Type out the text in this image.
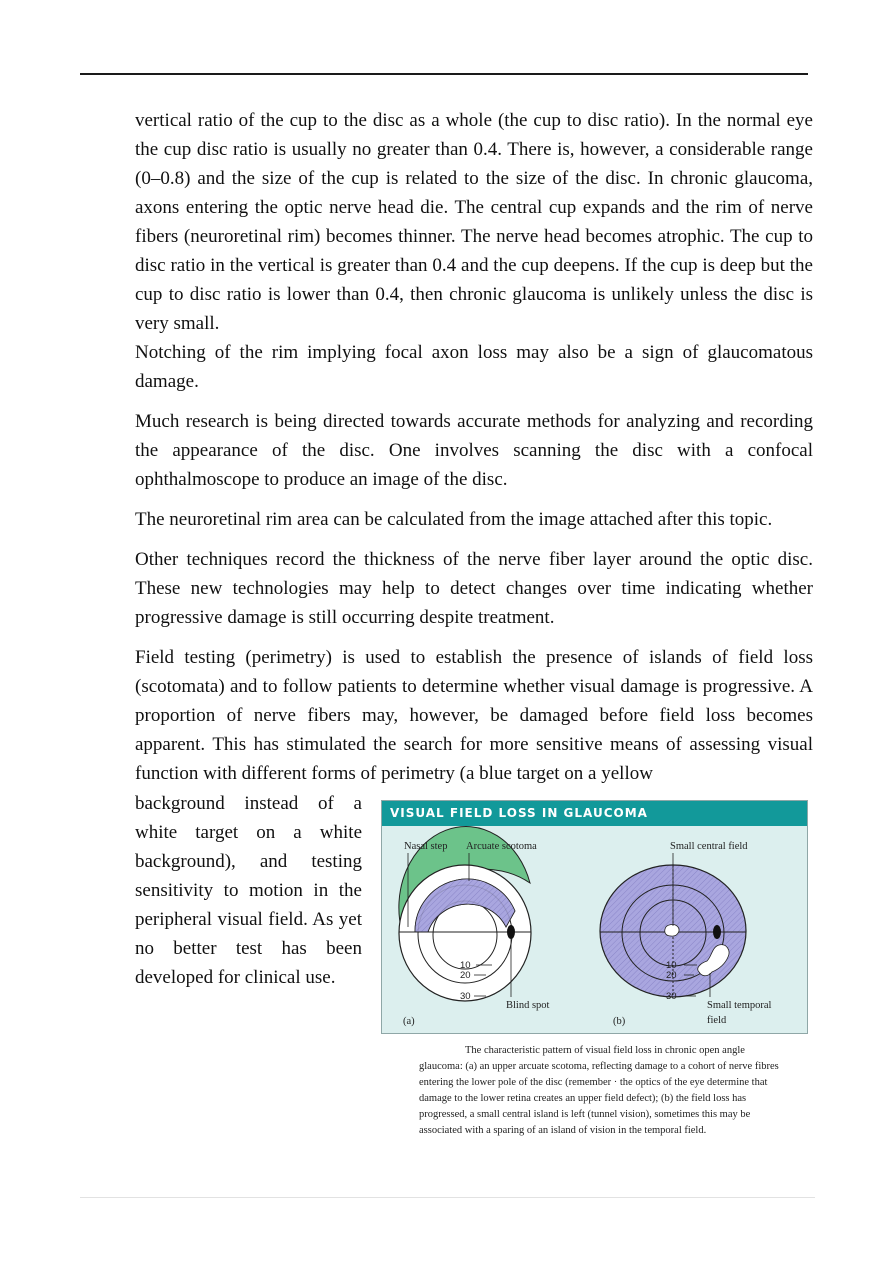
vertical ratio of the cup to the disc as a whole (the cup to disc ratio). In the normal eye the cup disc ratio is usually no greater than 0.4. There is, however, a considerable range (0–0.8) and the size of the cup is related to the size of the disc. In chronic glaucoma, axons entering the optic nerve head die. The central cup expands and the rim of nerve fibers (neuroretinal rim) becomes thinner. The nerve head becomes atrophic. The cup to disc ratio in the vertical is greater than 0.4 and the cup deepens. If the cup is deep but the cup to disc ratio is lower than 0.4, then chronic glaucoma is unlikely unless the disc is very small.

Notching of the rim implying focal axon loss may also be a sign of glaucomatous damage.

Much research is being directed towards accurate methods for analyzing and recording the appearance of the disc. One involves scanning the disc with a confocal ophthalmoscope to produce an image of the disc.

The neuroretinal rim area can be calculated from the image attached after this topic.

Other techniques record the thickness of the nerve fiber layer around the optic disc. These new technologies may help to detect changes over time indicating whether progressive damage is still occurring despite treatment.

Field testing (perimetry) is used to establish the presence of islands of field loss (scotomata) and to follow patients to determine whether visual damage is progressive. A proportion of nerve fibers may, however, be damaged before field loss becomes apparent. This has stimulated the search for more sensitive means of assessing visual function with different forms of perimetry (a blue target on a yellow

background instead of a white target on a white background), and testing sensitivity to motion in the peripheral visual field. As yet no better test has been developed for clinical use.

Nasal step Arcuate scotoma	Small central field
Blind spot	Small temporal
field
(a)	(b)
10
20
30
10
20
30
VISUAL FIELD LOSS IN GLAUCOMA

The characteristic pattern of visual field loss in chronic open angle glaucoma: (a) an upper arcuate scotoma, reflecting damage to a cohort of nerve fibres entering the lower pole of the disc (remember · the optics of the eye determine that damage to the lower retina creates an upper field defect); (b) the field loss has progressed, a small central island is left (tunnel vision), sometimes this may be associated with a sparing of an island of vision in the temporal field.
